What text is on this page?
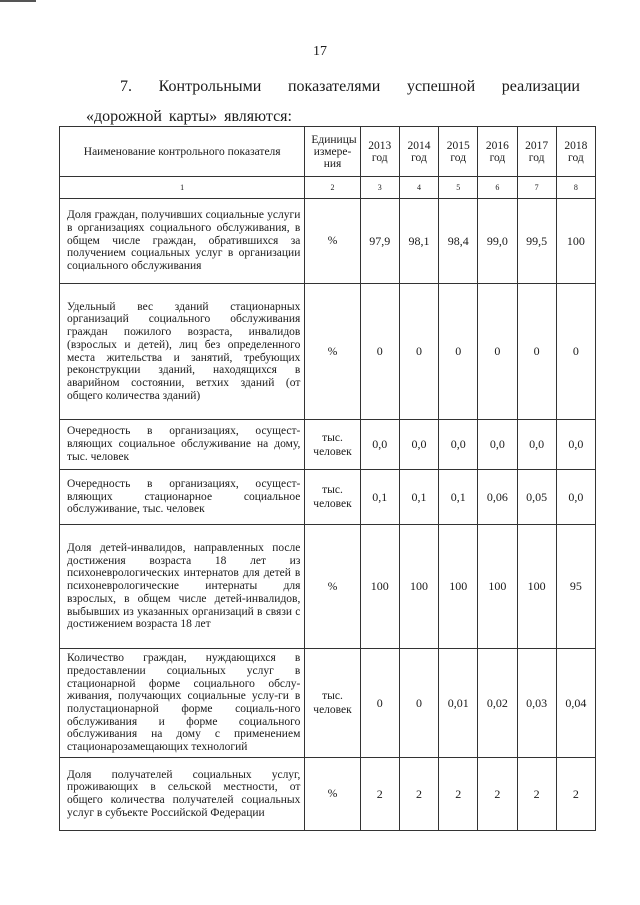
17

7. Контрольными показателями успешной реализации «дорожной карты» являются:

Наименование контрольного показателя	Единицы измере-ния	2013 год	2014 год	2015 год	2016 год	2017 год	2018 год
1	2	3	4	5	6	7	8
Доля граждан, получивших социальные услуги в организациях социального обслуживания, в общем числе граждан, обратившихся за получением социальных услуг в организации социального обслуживания	%	97,9	98,1	98,4	99,0	99,5	100
Удельный вес зданий стационарных организаций социального обслуживания граждан пожилого возраста, инвалидов (взрослых и детей), лиц без определенного места жительства и занятий, требующих реконструкции зданий, находящихся в аварийном состоянии, ветхих зданий (от общего количества зданий)	%	0	0	0	0	0	0
Очередность в организациях, осущест-вляющих социальное обслуживание на дому, тыс. человек	тыс. человек	0,0	0,0	0,0	0,0	0,0	0,0
Очередность в организациях, осущест-вляющих стационарное социальное обслуживание, тыс. человек	тыс. человек	0,1	0,1	0,1	0,06	0,05	0,0
Доля детей-инвалидов, направленных после достижения возраста 18 лет из психоневрологических интернатов для детей в психоневрологические интернаты для взрослых, в общем числе детей-инвалидов, выбывших из указанных организаций в связи с достижением возраста 18 лет	%	100	100	100	100	100	95
Количество граждан, нуждающихся в предоставлении социальных услуг в стационарной форме социального обслу-живания, получающих социальные услу-ги в полустационарной форме социаль-ного обслуживания и форме социального обслуживания на дому с применением стационарозамещающих технологий	тыс. человек	0	0	0,01	0,02	0,03	0,04
Доля получателей социальных услуг, проживающих в сельской местности, от общего количества получателей социальных услуг в субъекте Российской Федерации	%	2	2	2	2	2	2
